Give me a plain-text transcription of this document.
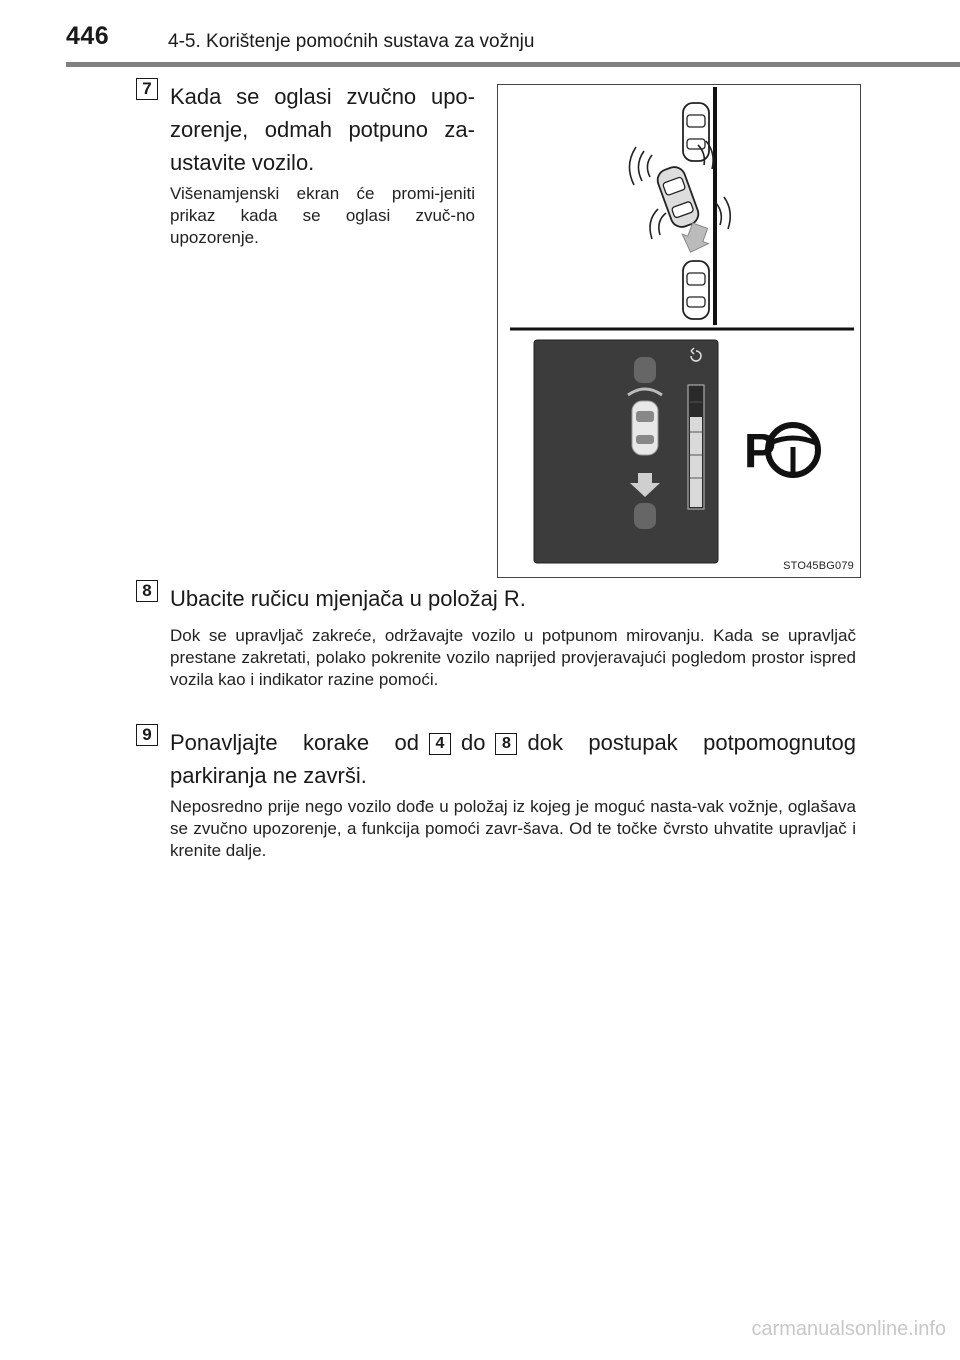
446	4-5. Korištenje pomoćnih sustava za vožnju
7 Kada se oglasi zvučno upo-zorenje, odmah potpuno za-ustavite vozilo.
Višenamjenski ekran će promi-jeniti prikaz kada se oglasi zvuč-no upozorenje.
P
STO45BG079
8 Ubacite ručicu mjenjača u položaj R.
Dok se upravljač zakreće, održavajte vozilo u potpunom mirovanju. Kada se upravljač prestane zakretati, polako pokrenite vozilo naprijed provjeravajući pogledom prostor ispred vozila kao i indikator razine pomoći.
9 Ponavljajte korake od 4 do 8 dok postupak potpomognutog parkiranja ne završi.
Neposredno prije nego vozilo dođe u položaj iz kojeg je moguć nasta-vak vožnje, oglašava se zvučno upozorenje, a funkcija pomoći zavr-šava. Od te točke čvrsto uhvatite upravljač i krenite dalje.
carmanualsonline.info
